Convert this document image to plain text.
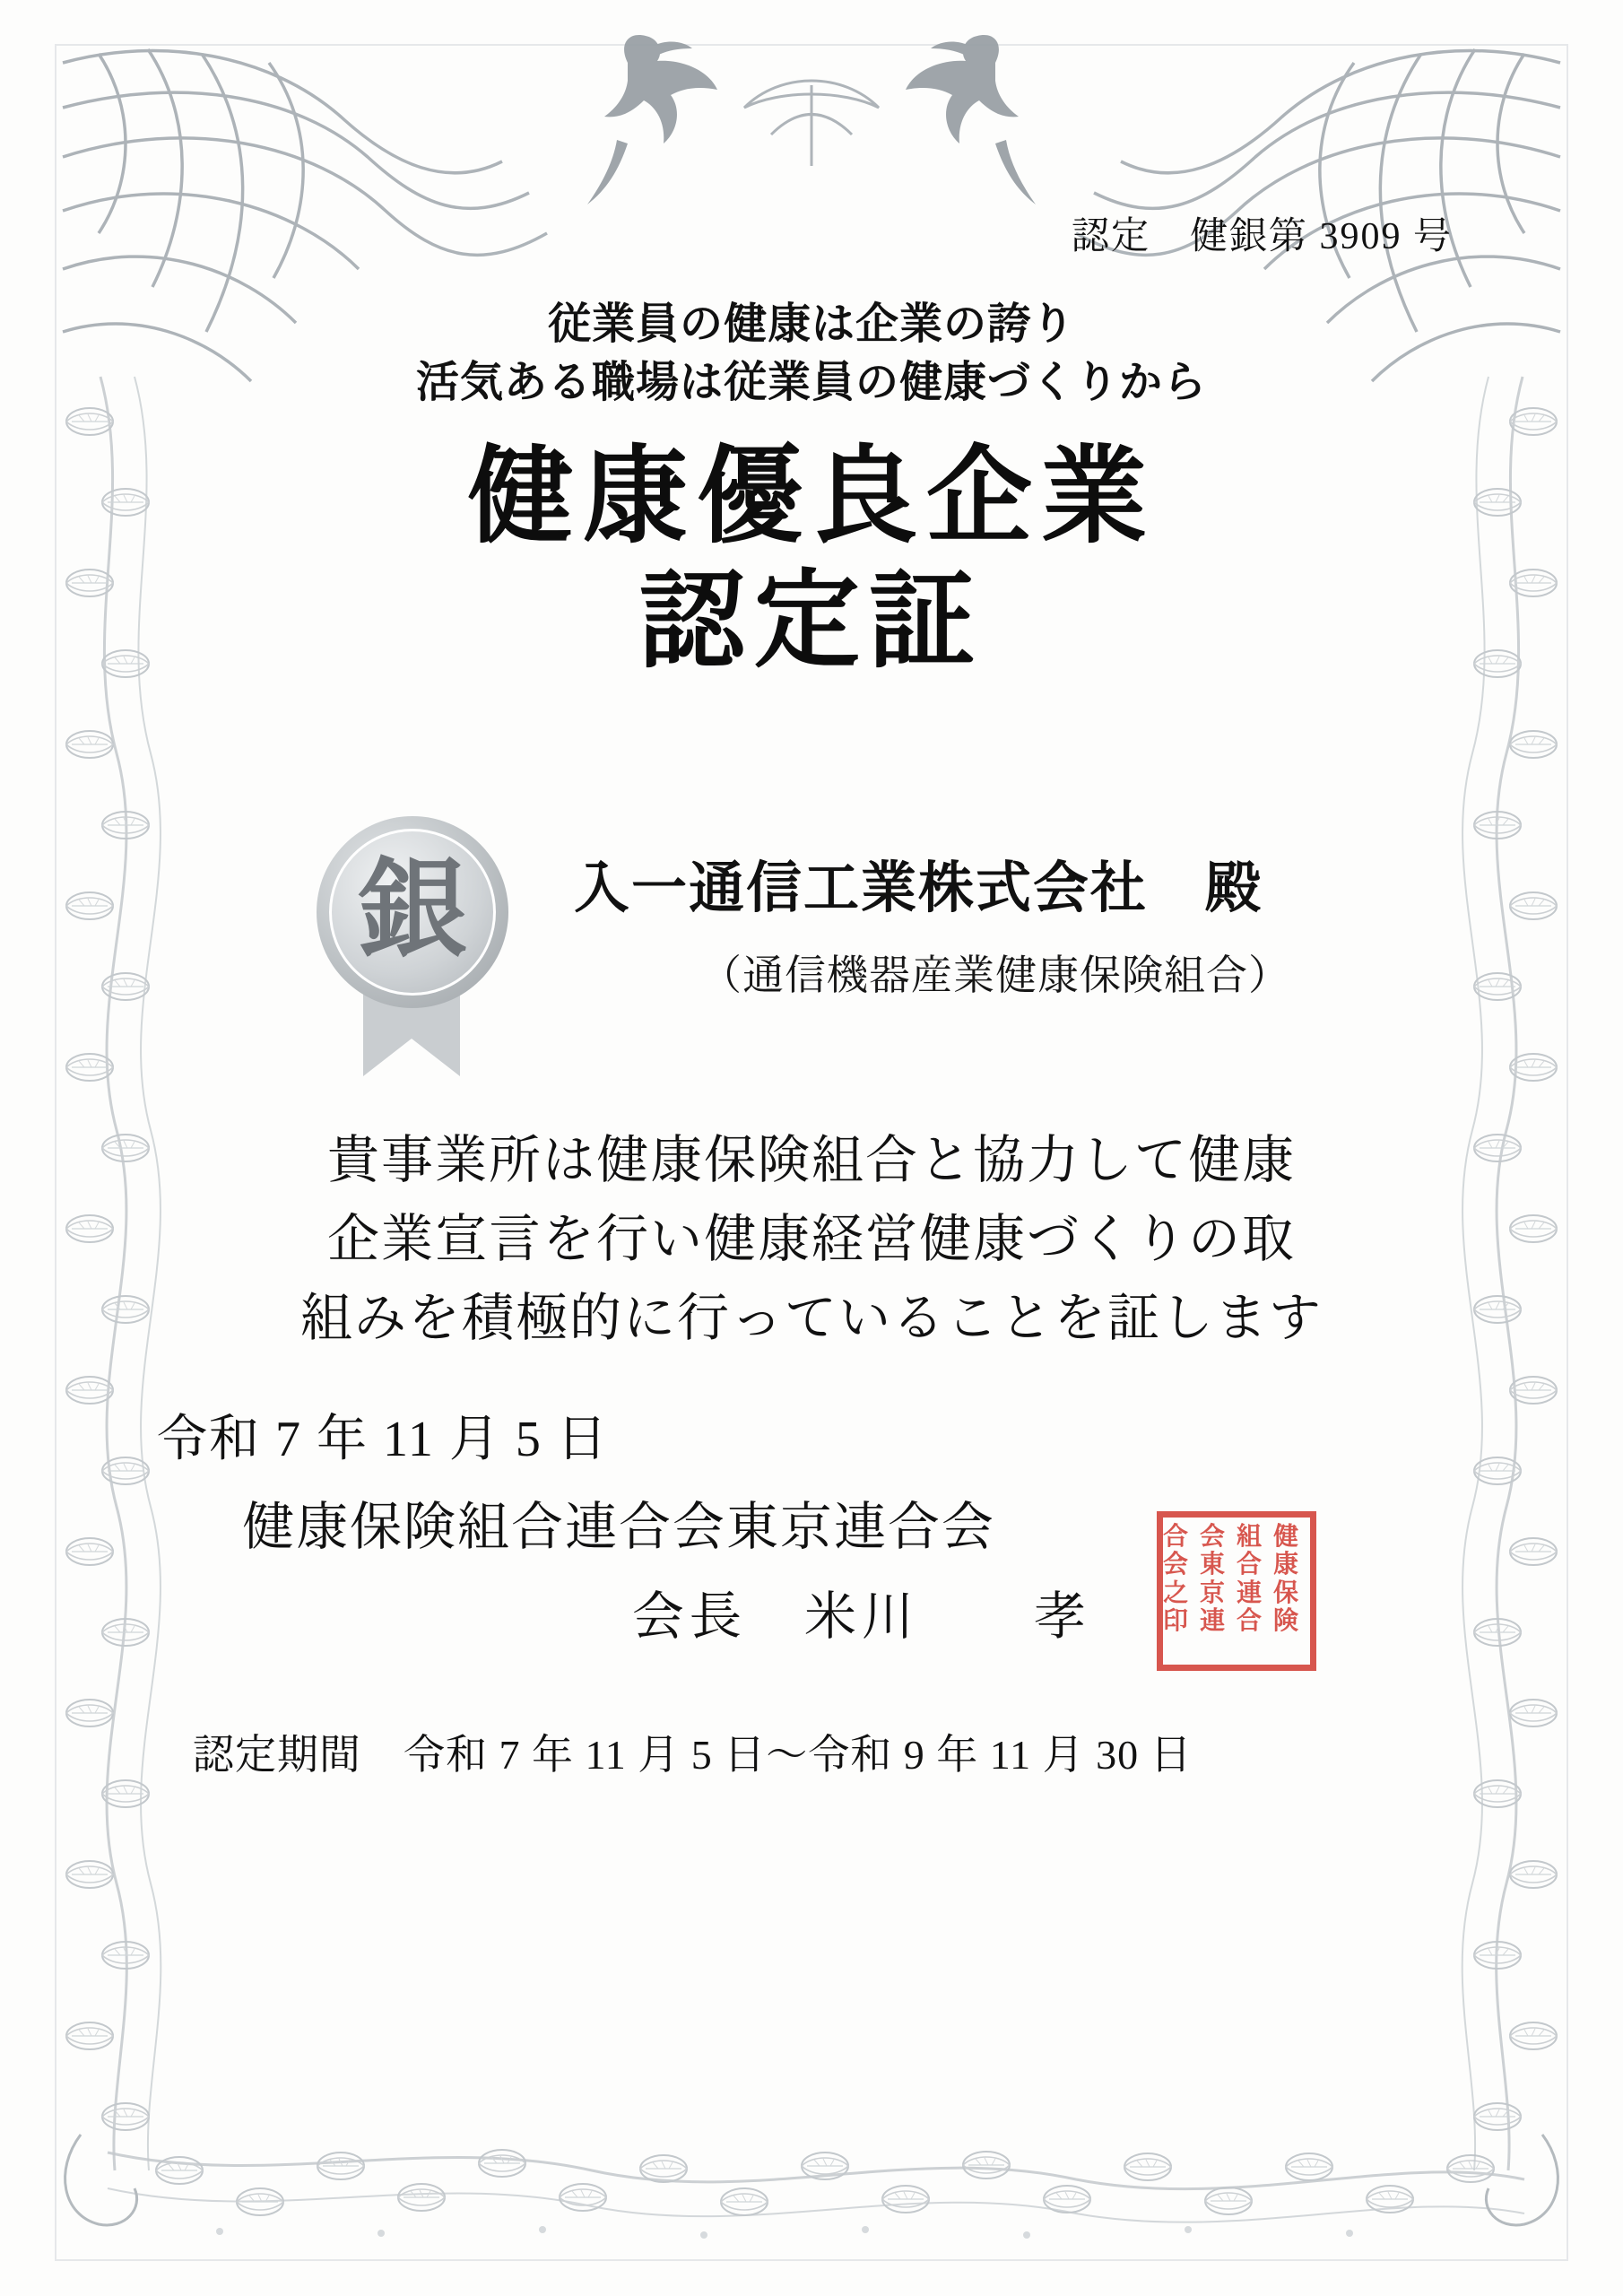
認定　健銀第 3909 号
従業員の健康は企業の誇り
活気ある職場は従業員の健康づくりから
健康優良企業
認定証
銀 入一通信工業株式会社　殿
（通信機器産業健康保険組合）
貴事業所は健康保険組合と協力して健康
企業宣言を行い健康経営健康づくりの取
組みを積極的に行っていることを証します
令和 7 年 11 月 5 日
健康保険組合連合会東京連合会
会長　米川　　孝
合会之印
会東京連
組合連合
健康保険
認定期間　令和 7 年 11 月 5 日～令和 9 年 11 月 30 日
